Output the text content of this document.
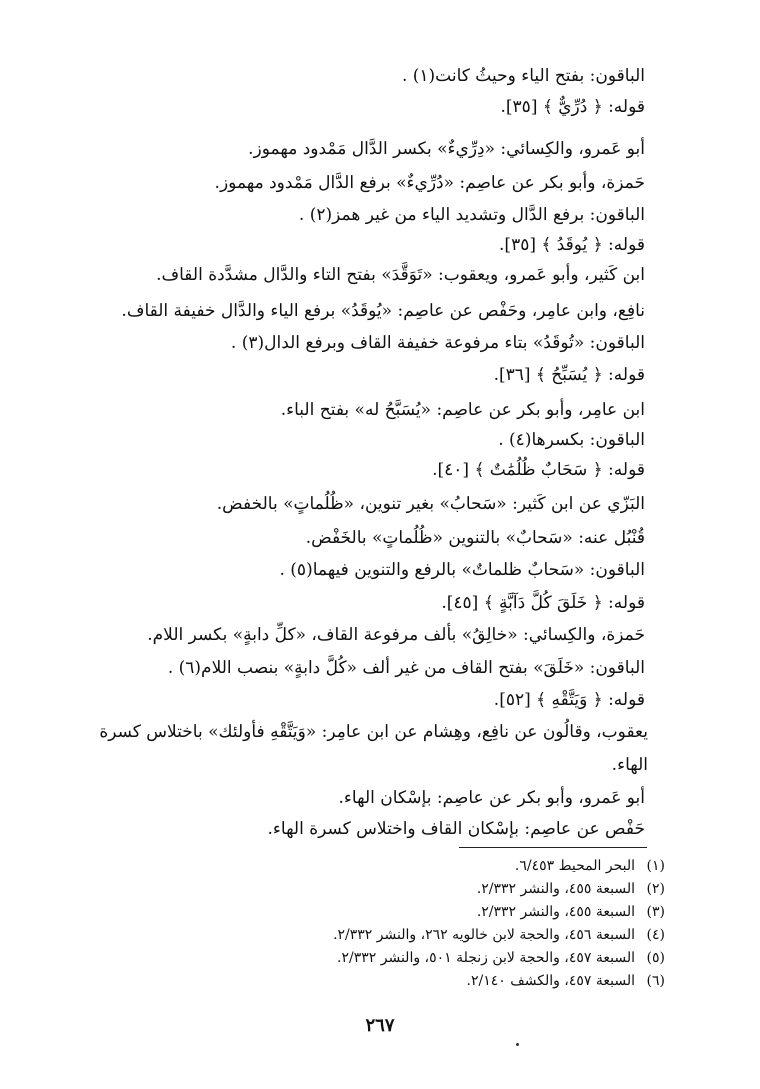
الباقون: بفتح الياء وحيثُ كانت(١) .
قوله: ﴿ دُرِّيٌّ ﴾ [٣٥].
أبو عَمرو، والكِسائي: «دِرِّيءٌ» بكسر الدَّال مَمْدود مهموز.
حَمزة، وأبو بكر عن عاصِم: «دُرِّيءٌ» برفع الدَّال مَمْدود مهموز.
الباقون: برفع الدَّال وتشديد الياء من غير همز(٢) .
قوله: ﴿ يُوقَدُ ﴾ [٣٥].
ابن كَثير، وأبو عَمرو، ويعقوب: «تَوَقَّدَ» بفتح التاء والدَّال مشدَّدة القاف.
نافِع، وابن عامِر، وحَفْص عن عاصِم: «يُوقَدُ» برفع الياء والدَّال خفيفة القاف.
الباقون: «تُوقَدُ» بتاء مرفوعة خفيفة القاف وبرفع الدال(٣) .
قوله: ﴿ يُسَبِّحُ ﴾ [٣٦].
ابن عامِر، وأبو بكر عن عاصِم: «يُسَبَّحُ له» بفتح الباء.
الباقون: بكسرها(٤) .
قوله: ﴿ سَحَابٌ ظُلُمَٰتٌ ﴾ [٤٠].
البَزّي عن ابن كَثير: «سَحابُ» بغير تنوين، «ظُلُماتٍ» بالخفض.
قُنْبُل عنه: «سَحابٌ» بالتنوين «ظُلُماتٍ» بالخَفْض.
الباقون: «سَحابٌ ظلماتٌ» بالرفع والتنوين فيهما(٥) .
قوله: ﴿ خَلَقَ كُلَّ دَآبَّةٍ ﴾ [٤٥].
حَمزة، والكِسائي: «خالِقُ» بألف مرفوعة القاف، «كلِّ دابةٍ» بكسر اللام.
الباقون: «خَلَقَ» بفتح القاف من غير ألف «كُلَّ دابةٍ» بنصب اللام(٦) .
قوله: ﴿ وَيَتَّقْهِ ﴾ [٥٢].
يعقوب، وقالُون عن نافِع، وهِشام عن ابن عامِر: «وَيَتَّقْهِ فأولئك» باختلاس كسرة
الهاء.
أبو عَمرو، وأبو بكر عن عاصِم: بإسْكان الهاء.
حَفْص عن عاصِم: بإسْكان القاف واختلاس كسرة الهاء.
(١)البحر المحيط ٦/٤٥٣.
(٢)السبعة ٤٥٥، والنشر ٢/٣٣٢.
(٣)السبعة ٤٥٥، والنشر ٢/٣٣٢.
(٤)السبعة ٤٥٦، والحجة لابن خالويه ٢٦٢، والنشر ٢/٣٣٢.
(٥)السبعة ٤٥٧، والحجة لابن زنجلة ٥٠١، والنشر ٢/٣٣٢.
(٦)السبعة ٤٥٧، والكشف ٢/١٤٠.
٢٦٧
